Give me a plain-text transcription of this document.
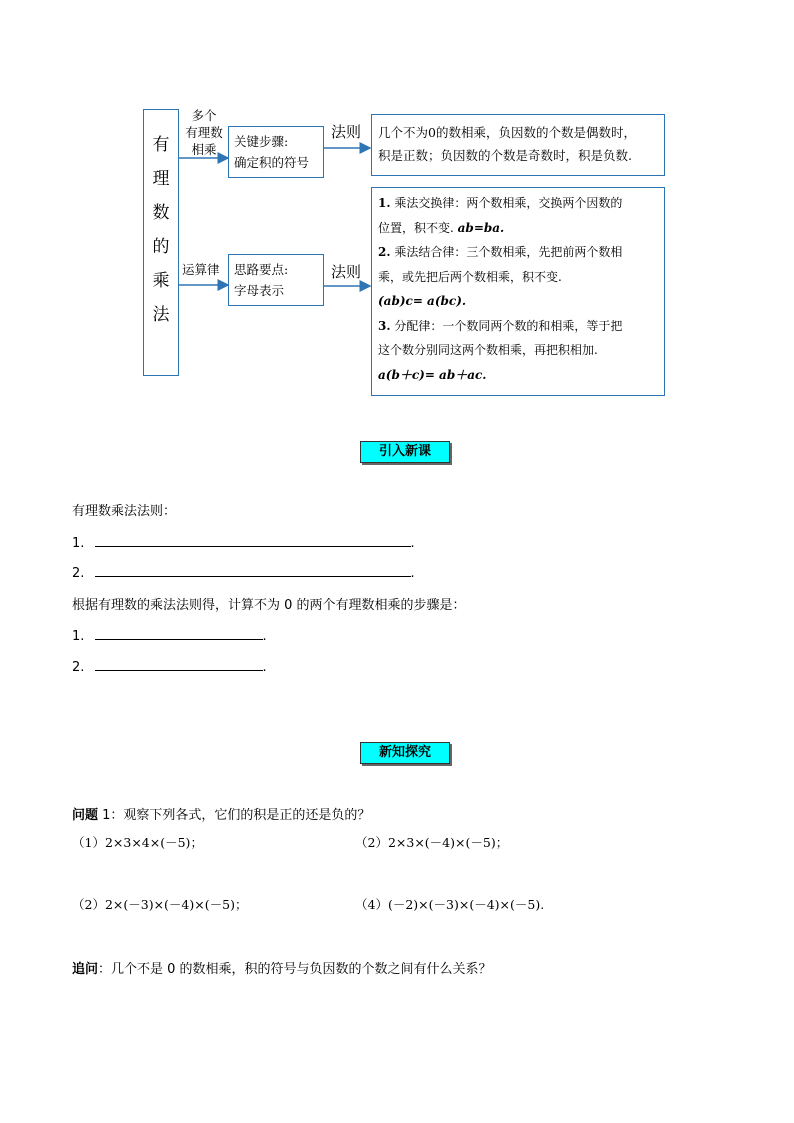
有
理
数
的
乘
法
多个
有理数
相乘
关键步骤:
确定积的符号
法则 几个不为0的数相乘，负因数的个数是偶数时，
积是正数；负因数的个数是奇数时，积是负数.
运算律 思路要点:
字母表示
法则
1. 乘法交换律：两个数相乘，交换两个因数的
位置，积不变. ab=ba.
2. 乘法结合律：三个数相乘，先把前两个数相
乘，或先把后两个数相乘，积不变.
(ab)c= a(bc).
3. 分配律：一个数同两个数的和相乘，等于把
这个数分别同这两个数相乘，再把积相加.
a(b＋c)= ab＋ac.
引入新课
有理数乘法法则：
1.	.
2.	.
根据有理数的乘法法则得，计算不为 0 的两个有理数相乘的步骤是：
1.	.
2.	.
新知探究
问题 1：观察下列各式，它们的积是正的还是负的？
（1）2×3×4×(－5)；	（2）2×3×(－4)×(－5)；
（2）2×(－3)×(－4)×(－5)；	（4）(－2)×(－3)×(－4)×(－5).
追问：几个不是 0 的数相乘，积的符号与负因数的个数之间有什么关系？
